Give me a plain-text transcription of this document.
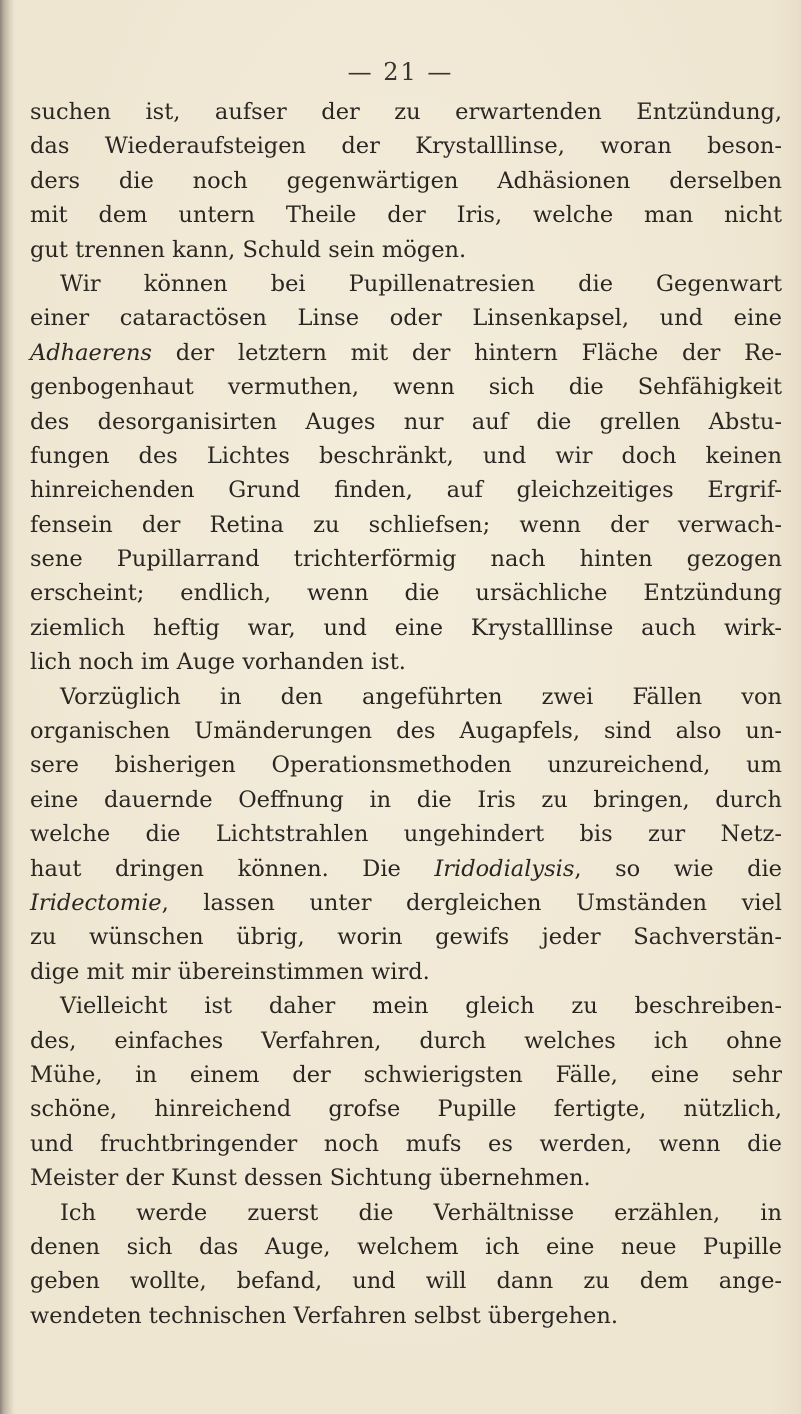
— 21 —
suchen ist, aufser der zu erwartenden Entzündung,
das Wiederaufsteigen der Krystalllinse, woran beson-
ders die noch gegenwärtigen Adhäsionen derselben
mit dem untern Theile der Iris, welche man nicht
gut trennen kann, Schuld sein mögen.
Wir können bei Pupillenatresien die Gegenwart
einer cataractösen Linse oder Linsenkapsel, und eine
Adhaerens der letztern mit der hintern Fläche der Re-
genbogenhaut vermuthen, wenn sich die Sehfähigkeit
des desorganisirten Auges nur auf die grellen Abstu-
fungen des Lichtes beschränkt, und wir doch keinen
hinreichenden Grund finden, auf gleichzeitiges Ergrif-
fensein der Retina zu schliefsen; wenn der verwach-
sene Pupillarrand trichterförmig nach hinten gezogen
erscheint; endlich, wenn die ursächliche Entzündung
ziemlich heftig war, und eine Krystalllinse auch wirk-
lich noch im Auge vorhanden ist.
Vorzüglich in den angeführten zwei Fällen von
organischen Umänderungen des Augapfels, sind also un-
sere bisherigen Operationsmethoden unzureichend, um
eine dauernde Oeffnung in die Iris zu bringen, durch
welche die Lichtstrahlen ungehindert bis zur Netz-
haut dringen können. Die Iridodialysis, so wie die
Iridectomie, lassen unter dergleichen Umständen viel
zu wünschen übrig, worin gewifs jeder Sachverstän-
dige mit mir übereinstimmen wird.
Vielleicht ist daher mein gleich zu beschreiben-
des, einfaches Verfahren, durch welches ich ohne
Mühe, in einem der schwierigsten Fälle, eine sehr
schöne, hinreichend grofse Pupille fertigte, nützlich,
und fruchtbringender noch mufs es werden, wenn die
Meister der Kunst dessen Sichtung übernehmen.
Ich werde zuerst die Verhältnisse erzählen, in
denen sich das Auge, welchem ich eine neue Pupille
geben wollte, befand, und will dann zu dem ange-
wendeten technischen Verfahren selbst übergehen.
